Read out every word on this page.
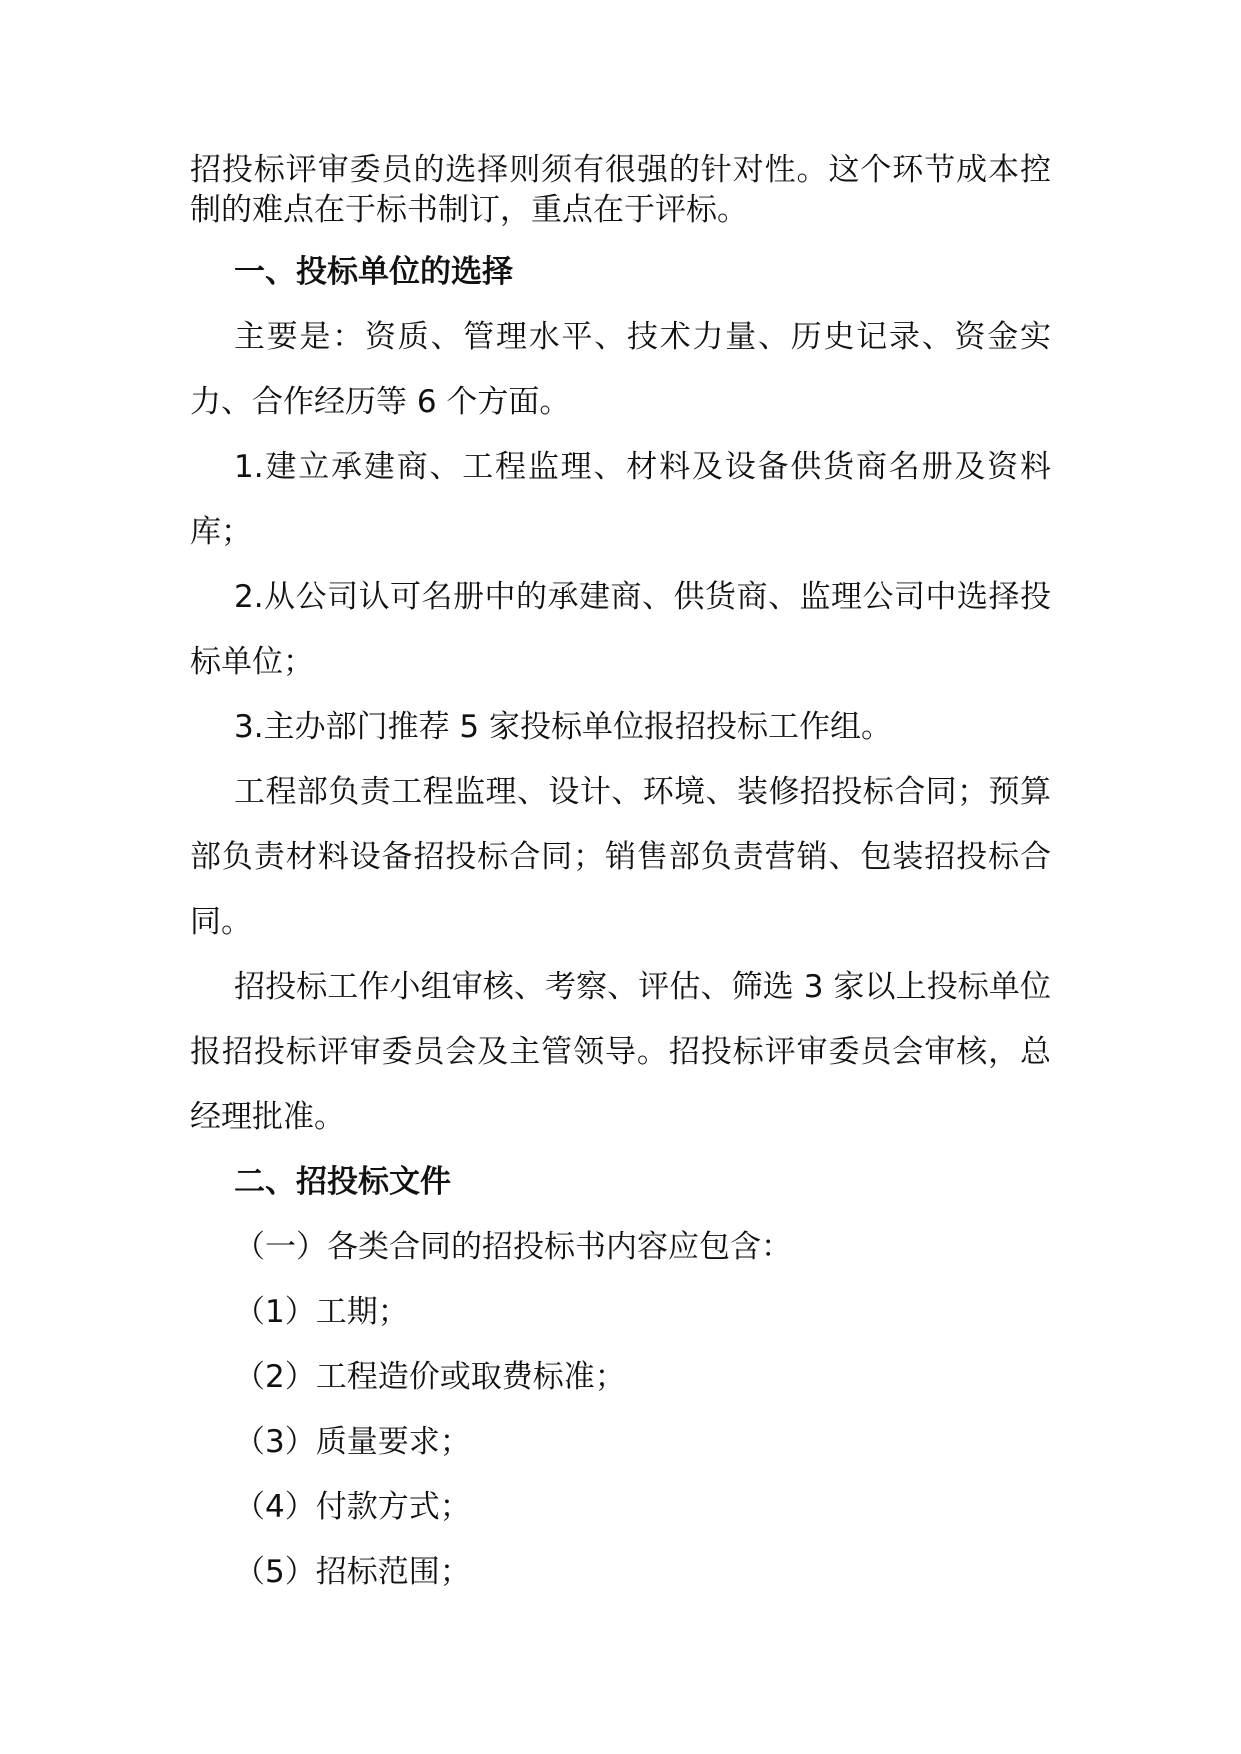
招投标评审委员的选择则须有很强的针对性。这个环节成本控制的难点在于标书制订，重点在于评标。

一、投标单位的选择

主要是：资质、管理水平、技术力量、历史记录、资金实力、合作经历等 6 个方面。

1.建立承建商、工程监理、材料及设备供货商名册及资料库；

2.从公司认可名册中的承建商、供货商、监理公司中选择投标单位；

3.主办部门推荐 5 家投标单位报招投标工作组。

工程部负责工程监理、设计、环境、装修招投标合同；预算部负责材料设备招投标合同；销售部负责营销、包装招投标合同。

招投标工作小组审核、考察、评估、筛选 3 家以上投标单位报招投标评审委员会及主管领导。招投标评审委员会审核，总经理批准。

二、招投标文件

（一）各类合同的招投标书内容应包含：

（1）工期；

（2）工程造价或取费标准；

（3）质量要求；

（4）付款方式；

（5）招标范围；
